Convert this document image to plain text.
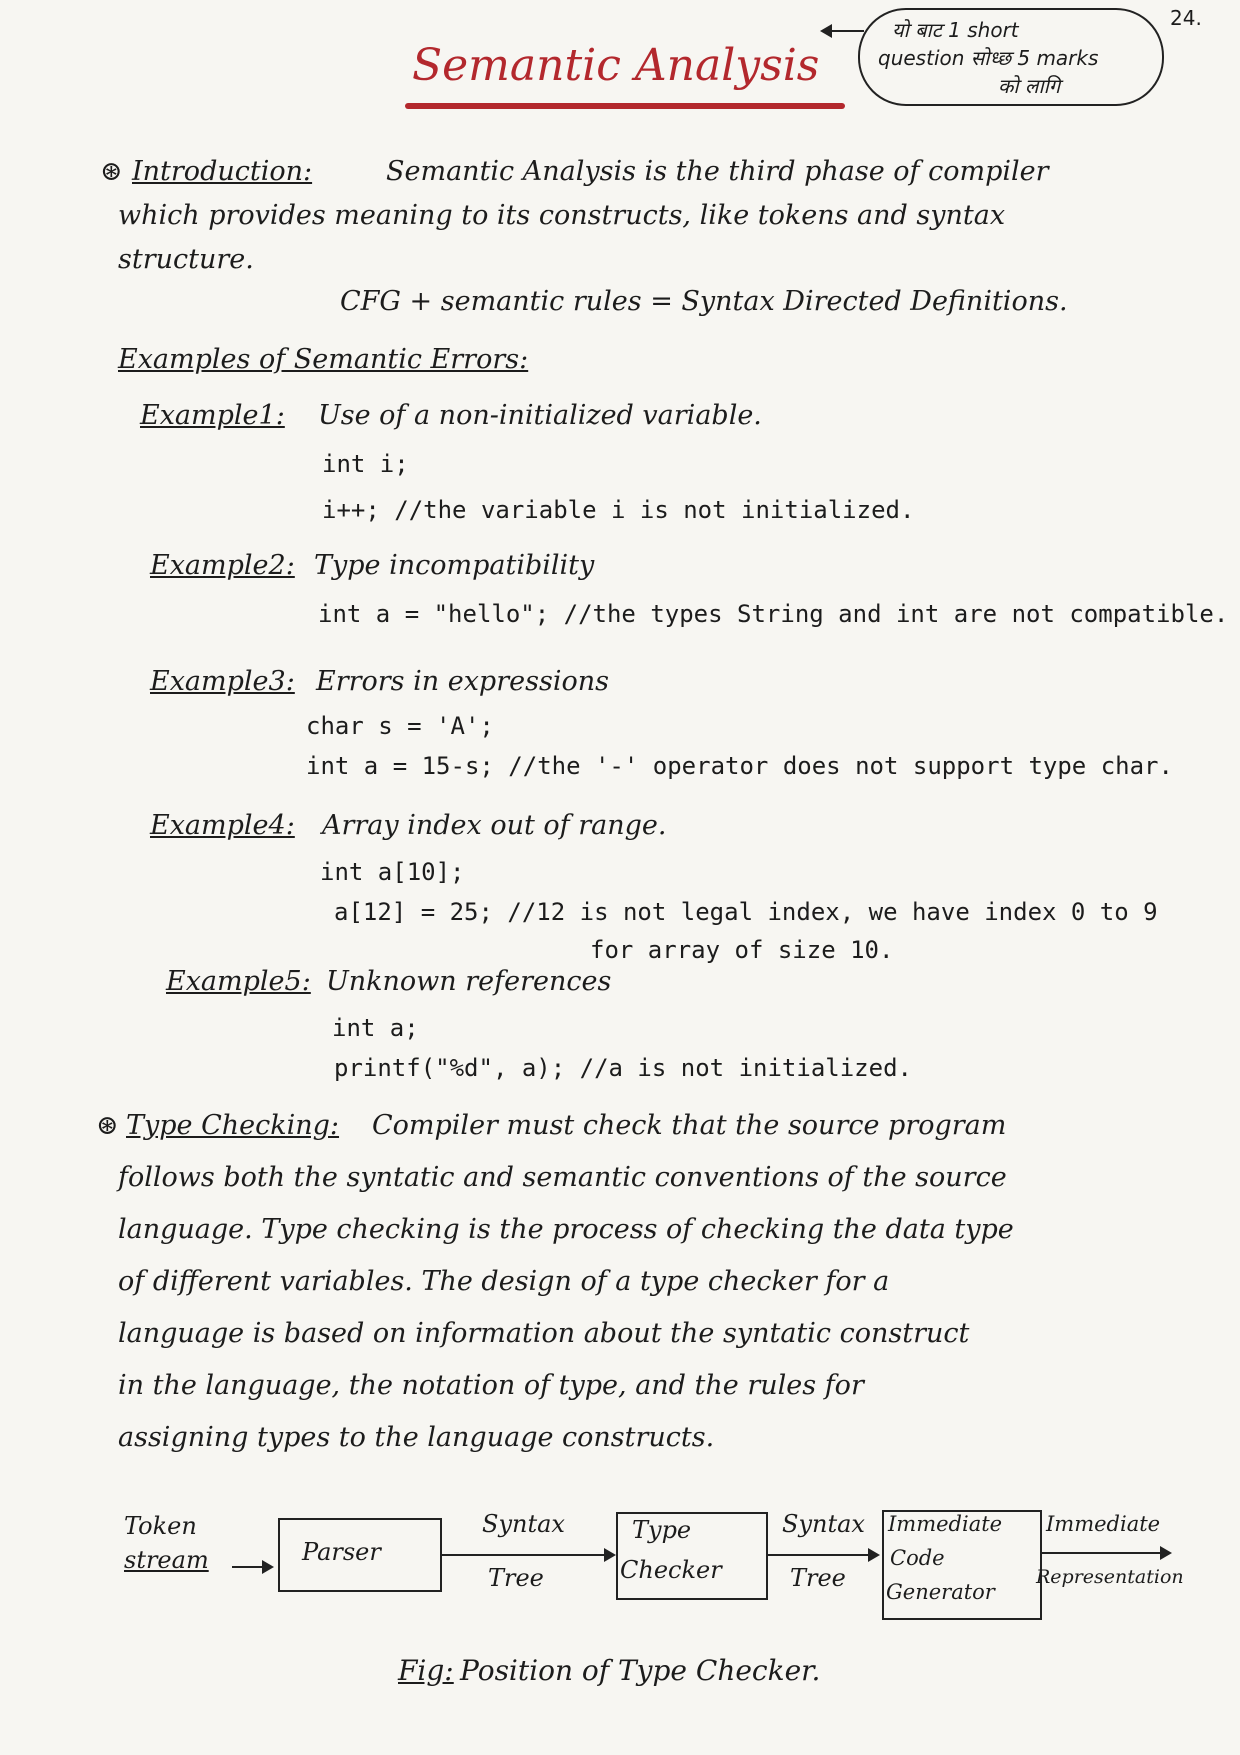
24.
यो बाट 1 short
question सोध्छ 5 marks
को लागि
Semantic Analysis
⊛ Introduction:	Semantic Analysis is the third phase of compiler
which provides meaning to its constructs, like tokens and syntax
structure.
CFG + semantic rules = Syntax Directed Definitions.
Examples of Semantic Errors:
Example1: Use of a non-initialized variable.
int i;
i++; //the variable i is not initialized.
Example2: Type incompatibility
int a = "hello"; //the types String and int are not compatible.
Example3: Errors in expressions
char s = 'A';
int a = 15-s; //the '-' operator does not support type char.
Example4: Array index out of range.
int a[10];
a[12] = 25; //12 is not legal index, we have index 0 to 9
for array of size 10.
Example5: Unknown references
int a;
printf("%d", a); //a is not initialized.
⊛ Type Checking: Compiler must check that the source program
follows both the syntatic and semantic conventions of the source
language. Type checking is the process of checking the data type
of different variables. The design of a type checker for a
language is based on information about the syntatic construct
in the language, the notation of type, and the rules for
assigning types to the language constructs.
Token
stream	Parser
Syntax
Tree
Type
Checker
Syntax
Tree
Immediate
Code
Generator
Immediate
Representation
Fig: Position of Type Checker.
